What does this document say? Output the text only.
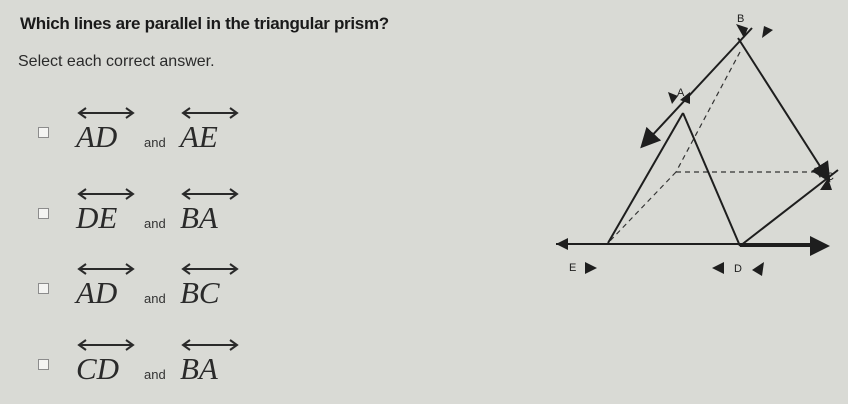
Which lines are parallel in the triangular prism?
Select each correct answer.
AD and AE
DE and BA
AD and BC
CD and BA
B
A
C
E	D
